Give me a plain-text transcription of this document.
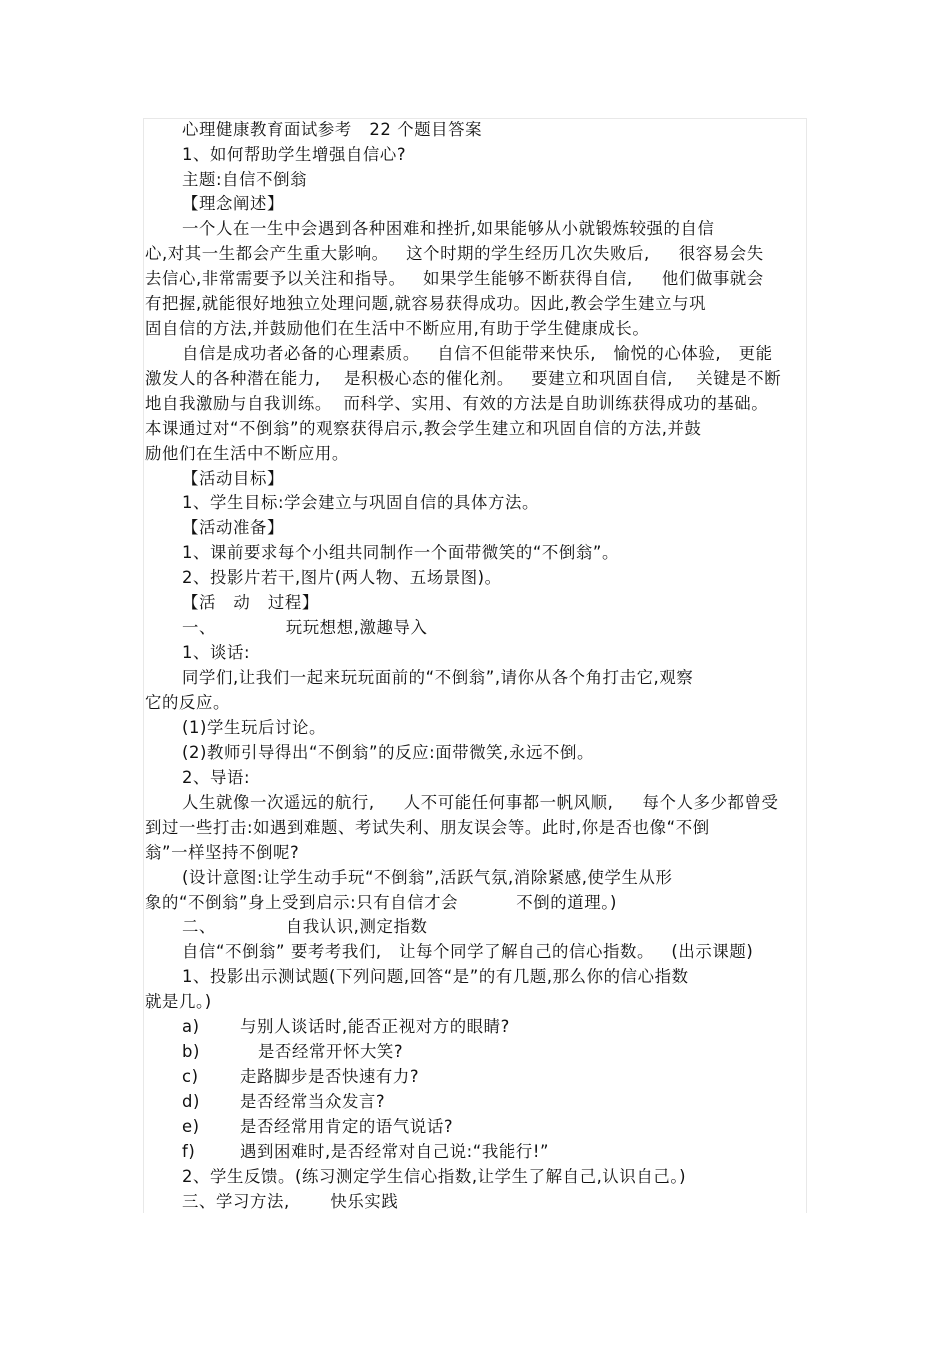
心理健康教育面试参考   22 个题目答案
1、如何帮助学生增强自信心?
主题:自信不倒翁
【理念阐述】
一个人在一生中会遇到各种困难和挫折,如果能够从小就锻炼较强的自信
心,对其一生都会产生重大影响。   这个时期的学生经历几次失败后,     很容易会失
去信心,非常需要予以关注和指导。   如果学生能够不断获得自信,     他们做事就会
有把握,就能很好地独立处理问题,就容易获得成功。因此,教会学生建立与巩
固自信的方法,并鼓励他们在生活中不断应用,有助于学生健康成长。
自信是成功者必备的心理素质。   自信不但能带来快乐,   愉悦的心体验,   更能
激发人的各种潜在能力,    是积极心态的催化剂。   要建立和巩固自信,    关键是不断
地自我激励与自我训练。  而科学、实用、有效的方法是自助训练获得成功的基础。
本课通过对“不倒翁”的观察获得启示,教会学生建立和巩固自信的方法,并鼓
励他们在生活中不断应用。
【活动目标】
1、学生目标:学会建立与巩固自信的具体方法。
【活动准备】
1、课前要求每个小组共同制作一个面带微笑的“不倒翁”。
2、投影片若干,图片(两人物、五场景图)。
【活   动   过程】
一、            玩玩想想,激趣导入
1、谈话:
同学们,让我们一起来玩玩面前的“不倒翁”,请你从各个角打击它,观察
它的反应。
(1)学生玩后讨论。
(2)教师引导得出“不倒翁”的反应:面带微笑,永远不倒。
2、导语:
人生就像一次遥远的航行,     人不可能任何事都一帆风顺,     每个人多少都曾受
到过一些打击:如遇到难题、考试失利、朋友误会等。此时,你是否也像“不倒
翁”一样坚持不倒呢?
(设计意图:让学生动手玩“不倒翁”,活跃气氛,消除紧感,使学生从形
象的“不倒翁”身上受到启示:只有自信才会          不倒的道理。)
二、            自我认识,测定指数
自信“不倒翁” 要考考我们,   让每个同学了解自己的信心指数。   (出示课题)
1、投影出示测试题(下列问题,回答“是”的有几题,那么你的信心指数
就是几。)
a)	与别人谈话时,能否正视对方的眼睛?
b)	是否经常开怀大笑?
c)	走路脚步是否快速有力?
d)	是否经常当众发言?
e)	是否经常用肯定的语气说话?
f)	遇到困难时,是否经常对自己说:“我能行!”
2、学生反馈。(练习测定学生信心指数,让学生了解自己,认识自己。)
三、学习方法,       快乐实践
